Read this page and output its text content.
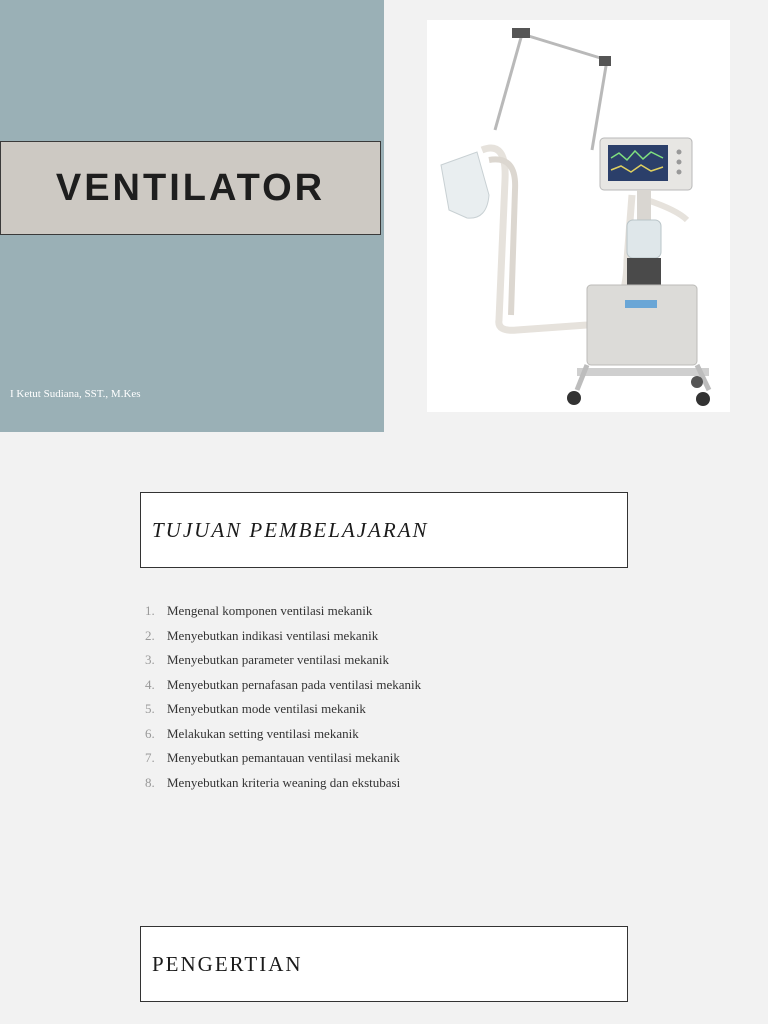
VENTILATOR
I Ketut Sudiana, SST., M.Kes
TUJUAN PEMBELAJARAN
1. Mengenal komponen ventilasi mekanik
2. Menyebutkan indikasi ventilasi mekanik
3. Menyebutkan parameter ventilasi mekanik
4. Menyebutkan pernafasan pada ventilasi mekanik
5. Menyebutkan mode ventilasi mekanik
6. Melakukan setting ventilasi mekanik
7. Menyebutkan pemantauan ventilasi mekanik
8. Menyebutkan kriteria weaning dan ekstubasi
PENGERTIAN
